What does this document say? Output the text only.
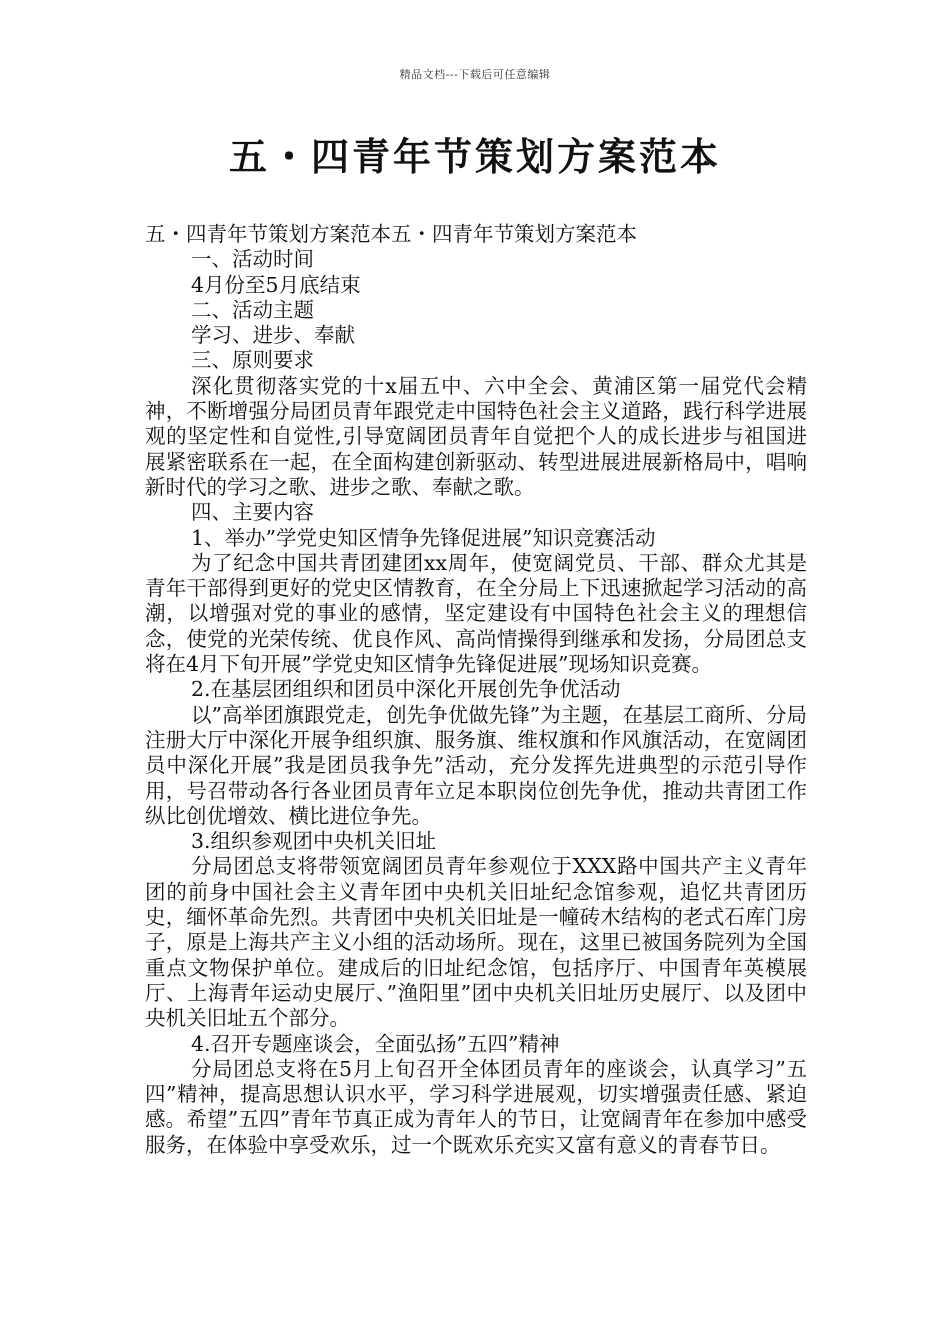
精品文档---下载后可任意编辑
五・四青年节策划方案范本

五・四青年节策划方案范本五・四青年节策划方案范本

一、活动时间

4月份至5月底结束

二、活动主题

学习、进步、奉献

三、原则要求

深化贯彻落实党的十x届五中、六中全会、黄浦区第一届党代会精神，不断增强分局团员青年跟党走中国特色社会主义道路，践行科学进展观的坚定性和自觉性,引导宽阔团员青年自觉把个人的成长进步与祖国进展紧密联系在一起，在全面构建创新驱动、转型进展进展新格局中，唱响新时代的学习之歌、进步之歌、奉献之歌。

四、主要内容

1、举办”学党史知区情争先锋促进展”知识竞赛活动

为了纪念中国共青团建团xx周年，使宽阔党员、干部、群众尤其是青年干部得到更好的党史区情教育，在全分局上下迅速掀起学习活动的高潮，以增强对党的事业的感情，坚定建设有中国特色社会主义的理想信念，使党的光荣传统、优良作风、高尚情操得到继承和发扬，分局团总支将在4月下旬开展”学党史知区情争先锋促进展”现场知识竞赛。

2.在基层团组织和团员中深化开展创先争优活动

以”高举团旗跟党走，创先争优做先锋”为主题，在基层工商所、分局注册大厅中深化开展争组织旗、服务旗、维权旗和作风旗活动，在宽阔团员中深化开展”我是团员我争先”活动，充分发挥先进典型的示范引导作用，号召带动各行各业团员青年立足本职岗位创先争优，推动共青团工作纵比创优增效、横比进位争先。

3.组织参观团中央机关旧址

分局团总支将带领宽阔团员青年参观位于XXX路中国共产主义青年团的前身中国社会主义青年团中央机关旧址纪念馆参观，追忆共青团历史，缅怀革命先烈。共青团中央机关旧址是一幢砖木结构的老式石库门房子，原是上海共产主义小组的活动场所。现在，这里已被国务院列为全国重点文物保护单位。建成后的旧址纪念馆，包括序厅、中国青年英模展厅、上海青年运动史展厅、”渔阳里”团中央机关旧址历史展厅、以及团中央机关旧址五个部分。

4.召开专题座谈会，全面弘扬”五四”精神

分局团总支将在5月上旬召开全体团员青年的座谈会，认真学习”五四”精神，提高思想认识水平，学习科学进展观，切实增强责任感、紧迫感。希望”五四”青年节真正成为青年人的节日，让宽阔青年在参加中感受服务，在体验中享受欢乐，过一个既欢乐充实又富有意义的青春节日。
